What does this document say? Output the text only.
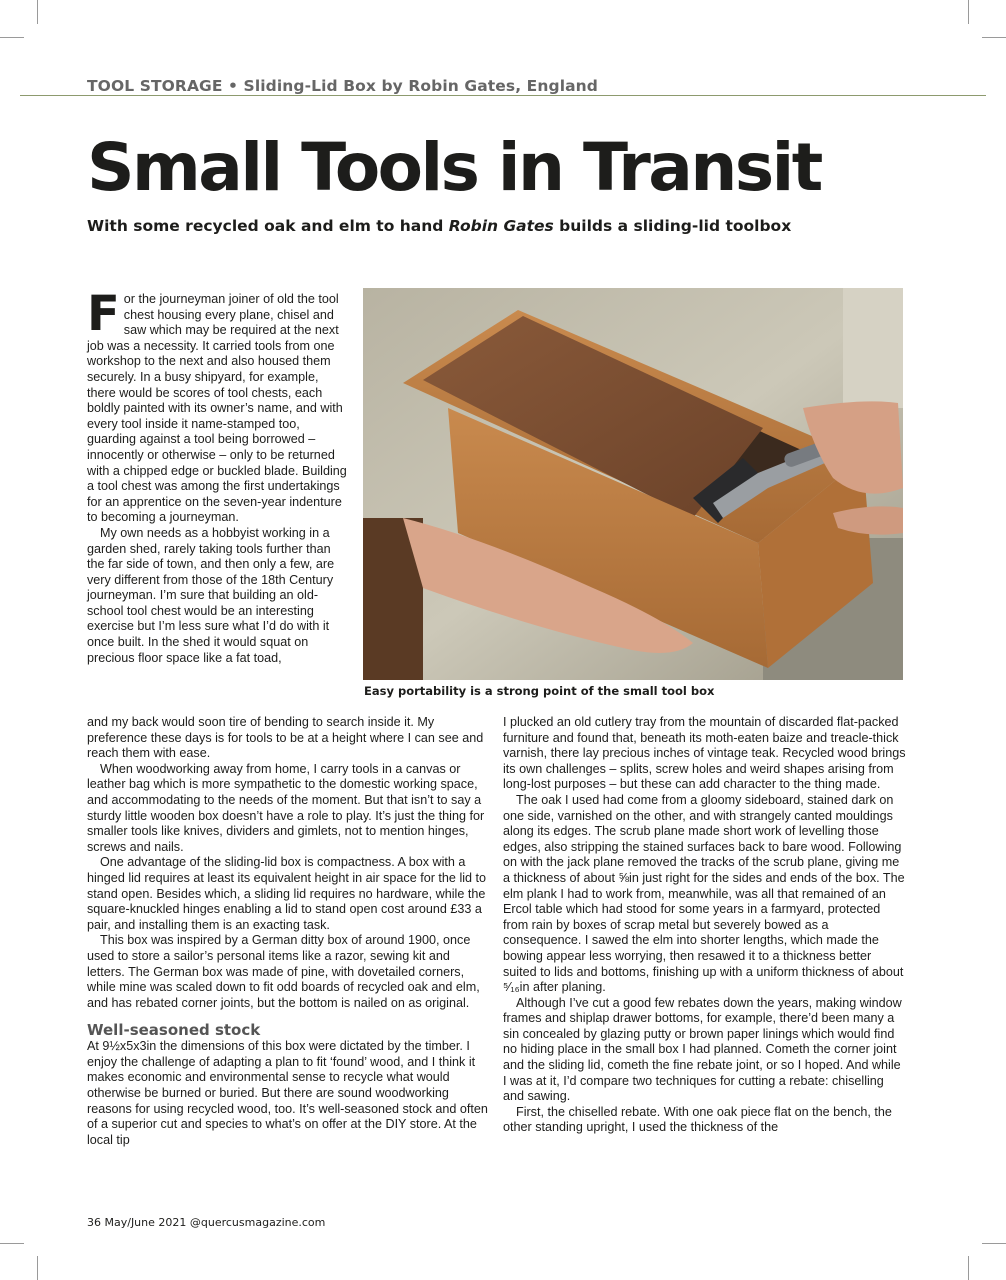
TOOL STORAGE • Sliding-Lid Box by Robin Gates, England
Small Tools in Transit
With some recycled oak and elm to hand Robin Gates builds a sliding-lid toolbox
Easy portability is a strong point of the small tool box

For the journeyman joiner of old the tool chest housing every plane, chisel and saw which may be required at the next job was a necessity. It carried tools from one workshop to the next and also housed them securely. In a busy shipyard, for example, there would be scores of tool chests, each boldly painted with its owner’s name, and with every tool inside it name-stamped too, guarding against a tool being borrowed – innocently or otherwise – only to be returned with a chipped edge or buckled blade. Building a tool chest was among the first undertakings for an apprentice on the seven-year indenture to becoming a journeyman.

My own needs as a hobbyist working in a garden shed, rarely taking tools further than the far side of town, and then only a few, are very different from those of the 18th Century journeyman. I’m sure that building an old-school tool chest would be an interesting exercise but I’m less sure what I’d do with it once built. In the shed it would squat on precious floor space like a fat toad,

and my back would soon tire of bending to search inside it. My preference these days is for tools to be at a height where I can see and reach them with ease.

When woodworking away from home, I carry tools in a canvas or leather bag which is more sympathetic to the domestic working space, and accommodating to the needs of the moment. But that isn’t to say a sturdy little wooden box doesn’t have a role to play. It’s just the thing for smaller tools like knives, dividers and gimlets, not to mention hinges, screws and nails.

One advantage of the sliding-lid box is compactness. A box with a hinged lid requires at least its equivalent height in air space for the lid to stand open. Besides which, a sliding lid requires no hardware, while the square-knuckled hinges enabling a lid to stand open cost around £33 a pair, and installing them is an exacting task.

This box was inspired by a German ditty box of around 1900, once used to store a sailor’s personal items like a razor, sewing kit and letters. The German box was made of pine, with dovetailed corners, while mine was scaled down to fit odd boards of recycled oak and elm, and has rebated corner joints, but the bottom is nailed on as original.

Well-seasoned stock

At 9½x5x3in the dimensions of this box were dictated by the timber. I enjoy the challenge of adapting a plan to fit ‘found’ wood, and I think it makes economic and environmental sense to recycle what would otherwise be burned or buried. But there are sound woodworking reasons for using recycled wood, too. It’s well-seasoned stock and often of a superior cut and species to what’s on offer at the DIY store. At the local tip

I plucked an old cutlery tray from the mountain of discarded flat-packed furniture and found that, beneath its moth-eaten baize and treacle-thick varnish, there lay precious inches of vintage teak. Recycled wood brings its own challenges – splits, screw holes and weird shapes arising from long-lost purposes – but these can add character to the thing made.

The oak I used had come from a gloomy sideboard, stained dark on one side, varnished on the other, and with strangely canted mouldings along its edges. The scrub plane made short work of levelling those edges, also stripping the stained surfaces back to bare wood. Following on with the jack plane removed the tracks of the scrub plane, giving me a thickness of about ⅝in just right for the sides and ends of the box. The elm plank I had to work from, meanwhile, was all that remained of an Ercol table which had stood for some years in a farmyard, protected from rain by boxes of scrap metal but severely bowed as a consequence. I sawed the elm into shorter lengths, which made the bowing appear less worrying, then resawed it to a thickness better suited to lids and bottoms, finishing up with a uniform thickness of about ⁵⁄₁₆in after planing.

Although I’ve cut a good few rebates down the years, making window frames and shiplap drawer bottoms, for example, there’d been many a sin concealed by glazing putty or brown paper linings which would find no hiding place in the small box I had planned. Cometh the corner joint and the sliding lid, cometh the fine rebate joint, or so I hoped. And while I was at it, I’d compare two techniques for cutting a rebate: chiselling and sawing.

First, the chiselled rebate. With one oak piece flat on the bench, the other standing upright, I used the thickness of the

36 May/June 2021 @quercusmagazine.com
